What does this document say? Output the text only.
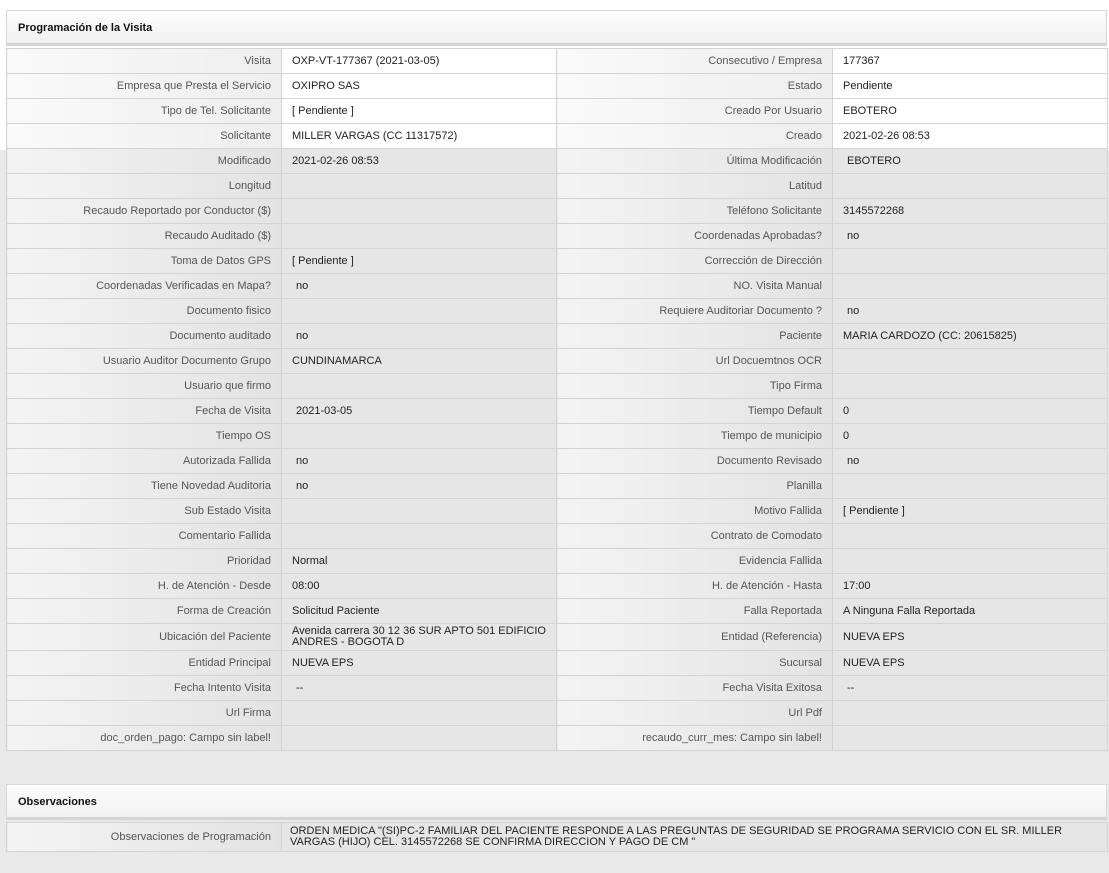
Programación de la Visita
Visita	OXP-VT-177367 (2021-03-05)	Consecutivo / Empresa	177367
Empresa que Presta el Servicio	OXIPRO SAS	Estado	Pendiente
Tipo de Tel. Solicitante	[ Pendiente ]	Creado Por Usuario	EBOTERO
Solicitante	MILLER VARGAS (CC 11317572)	Creado	2021-02-26 08:53
Modificado	2021-02-26 08:53	Última Modificación	EBOTERO
Longitud		Latitud	
Recaudo Reportado por Conductor ($)		Teléfono Solicitante	3145572268
Recaudo Auditado ($)		Coordenadas Aprobadas?	no
Toma de Datos GPS	[ Pendiente ]	Corrección de Dirección	
Coordenadas Verificadas en Mapa?	no	NO. Visita Manual	
Documento fisico		Requiere Auditoriar Documento ?	no
Documento auditado	no	Paciente	MARIA CARDOZO (CC: 20615825)
Usuario Auditor Documento Grupo	CUNDINAMARCA	Url Docuemtnos OCR	
Usuario que firmo		Tipo Firma	
Fecha de Visita	2021-03-05	Tiempo Default	0
Tiempo OS		Tiempo de municipio	0
Autorizada Fallida	no	Documento Revisado	no
Tiene Novedad Auditoria	no	Planilla	
Sub Estado Visita		Motivo Fallida	[ Pendiente ]
Comentario Fallida		Contrato de Comodato	
Prioridad	Normal	Evidencia Fallida	
H. de Atención - Desde	08:00	H. de Atención - Hasta	17:00
Forma de Creación	Solicitud Paciente	Falla Reportada	A Ninguna Falla Reportada
Ubicación del Paciente	Avenida carrera 30 12 36 SUR APTO 501 EDIFICIO ANDRES - BOGOTA D	Entidad (Referencia)	NUEVA EPS
Entidad Principal	NUEVA EPS	Sucursal	NUEVA EPS
Fecha Intento Visita	--	Fecha Visita Exitosa	--
Url Firma		Url Pdf	
doc_orden_pago: Campo sin label!		recaudo_curr_mes: Campo sin label!	
Observaciones
Observaciones de Programación	ORDEN MEDICA "(SI)PC-2 FAMILIAR DEL PACIENTE RESPONDE A LAS PREGUNTAS DE SEGURIDAD SE PROGRAMA SERVICIO CON EL SR. MILLER VARGAS (HIJO) CEL. 3145572268 SE CONFIRMA DIRECCION Y PAGO DE CM "
